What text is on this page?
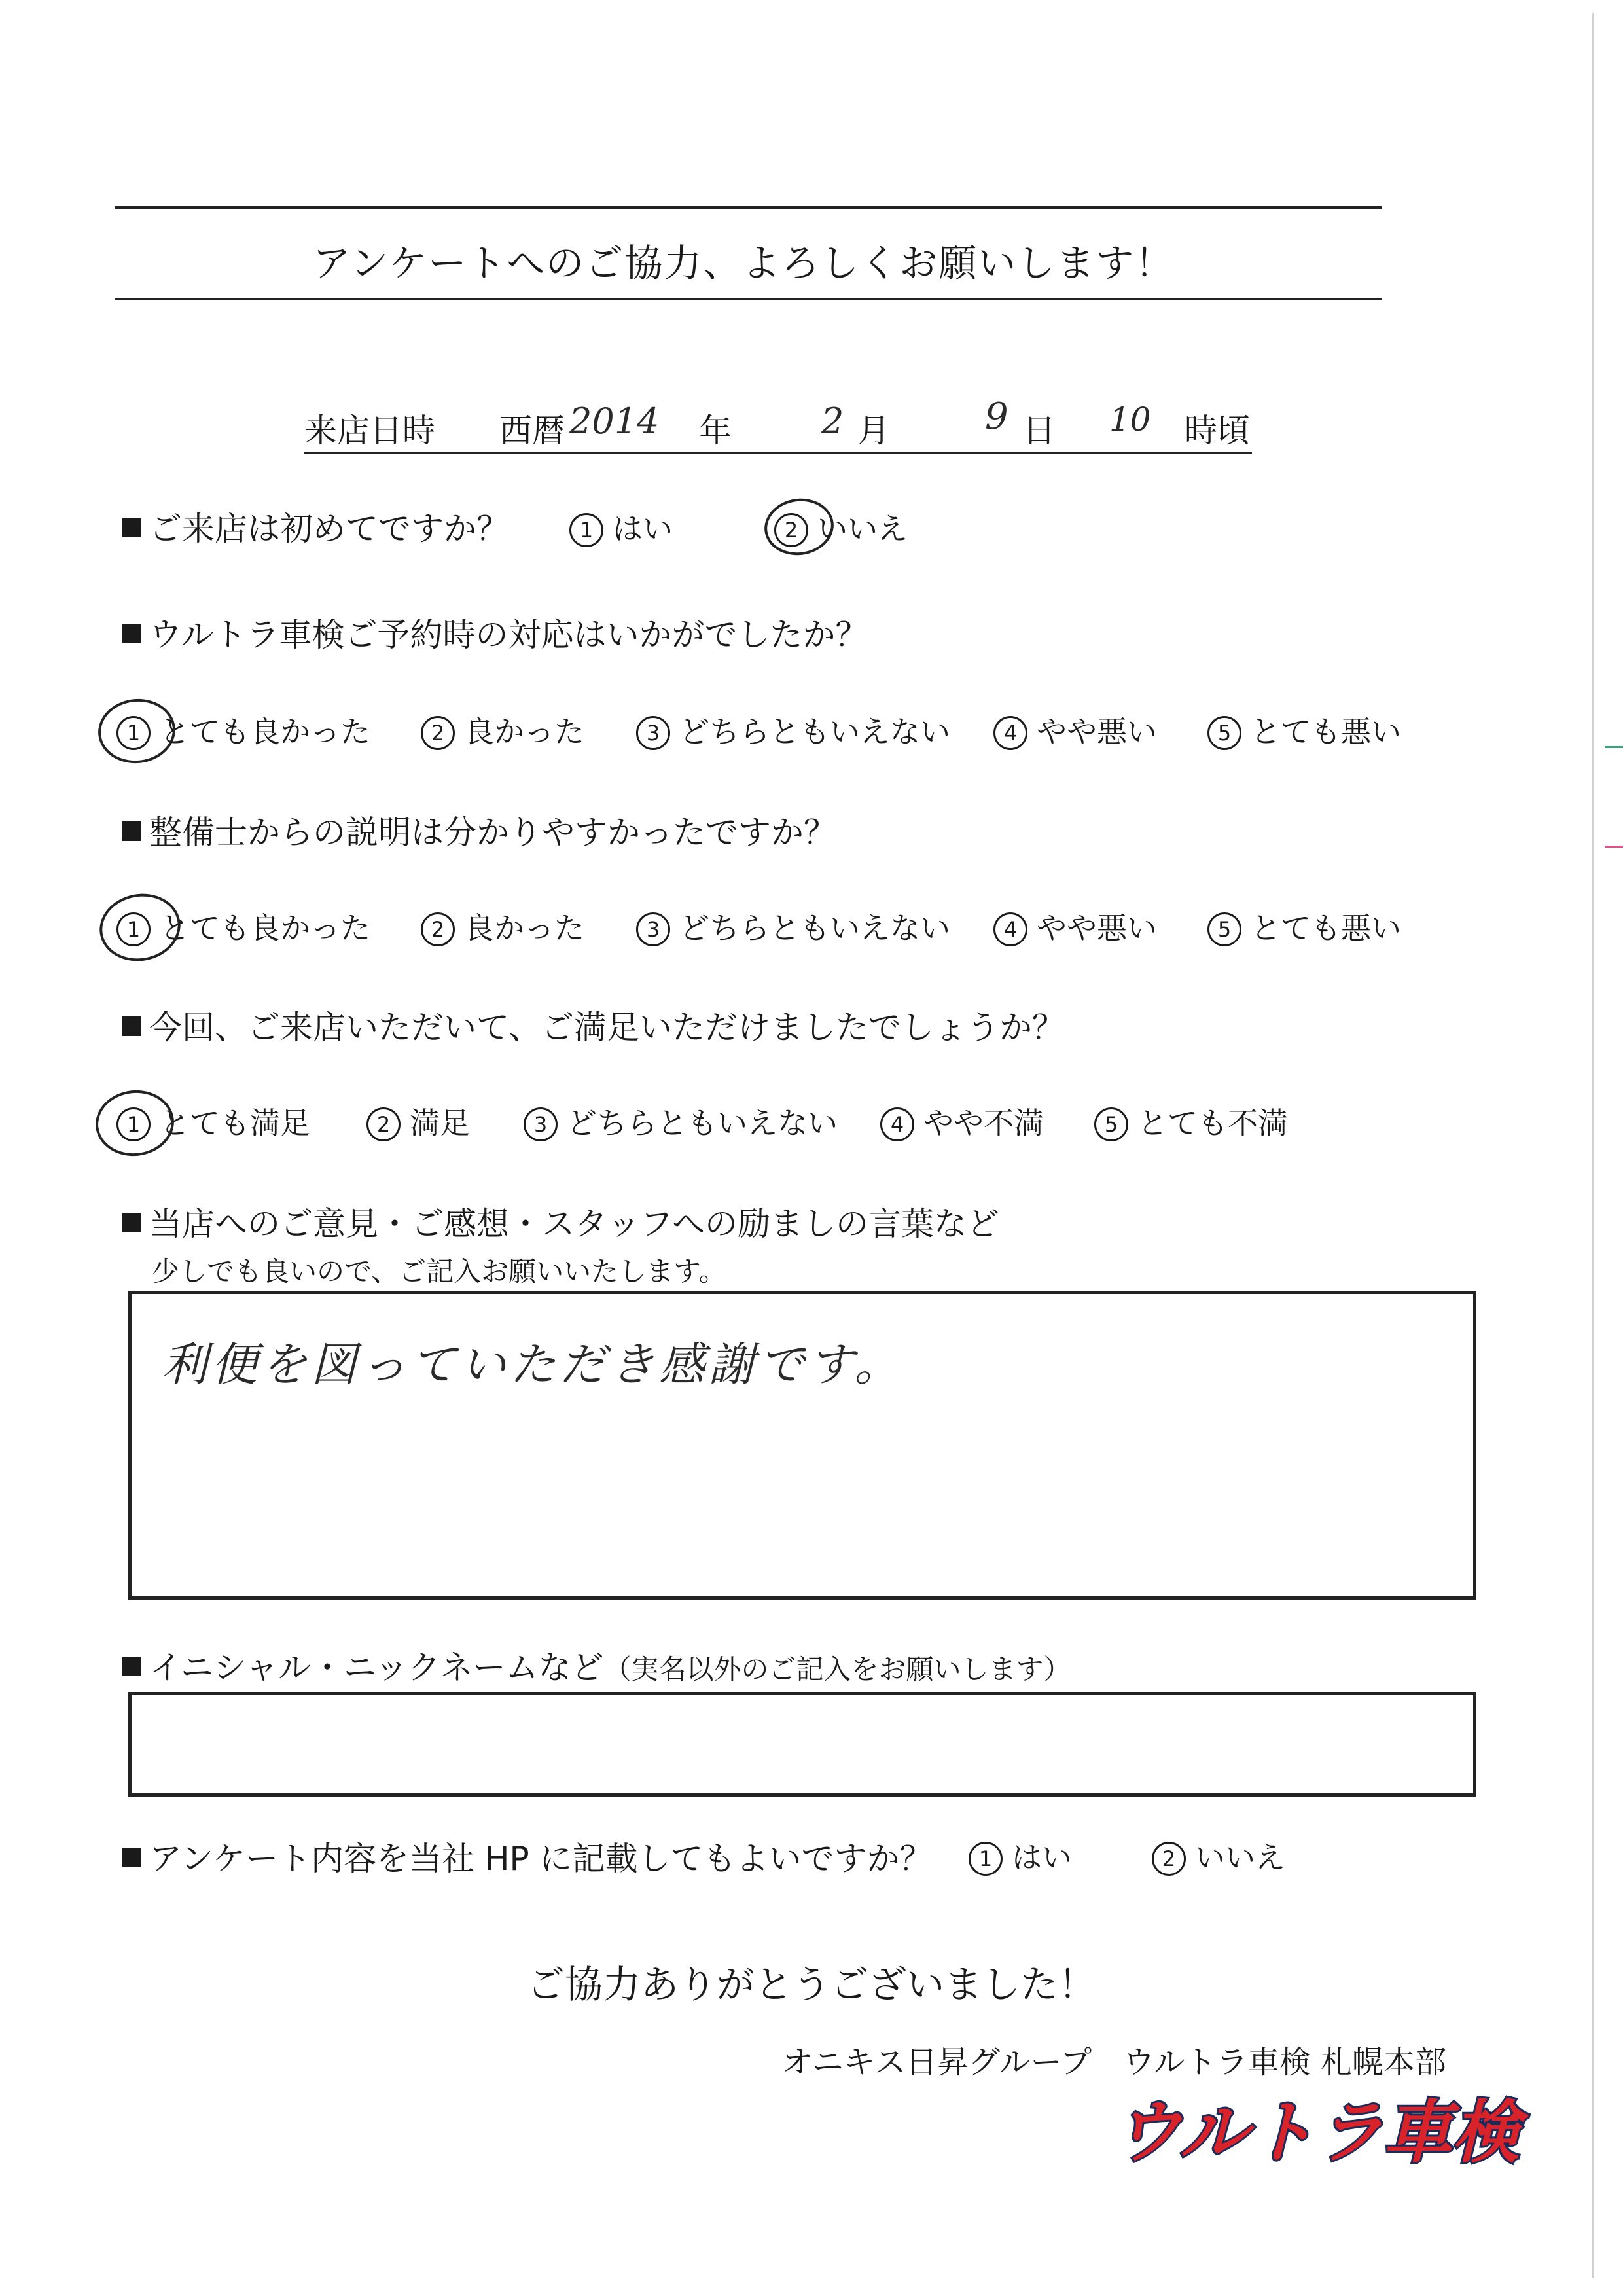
アンケートへのご協力、よろしくお願いします！
来店日時 西暦 2014 年	2 月	9 日 10 時頃
ご来店は初めてですか？	1 はい	2 いいえ
ウルトラ車検ご予約時の対応はいかがでしたか？
1 とても良かった	2 良かった	3 どちらともいえない	4 やや悪い	5 とても悪い
整備士からの説明は分かりやすかったですか？
1 とても良かった	2 良かった	3 どちらともいえない	4 やや悪い	5 とても悪い
今回、ご来店いただいて、ご満足いただけましたでしょうか？
1 とても満足	2 満足	3 どちらともいえない	4 やや不満	5 とても不満
当店へのご意見・ご感想・スタッフへの励ましの言葉など
少しでも良いので、ご記入お願いいたします。
利便を図っていただき感謝です。
イニシャル・ニックネームなど（実名以外のご記入をお願いします）
アンケート内容を当社 HP に記載してもよいですか？	1 はい	2 いいえ
ご協力ありがとうございました！
オニキス日昇グループ　ウルトラ車検 札幌本部
ウルトラ車検
